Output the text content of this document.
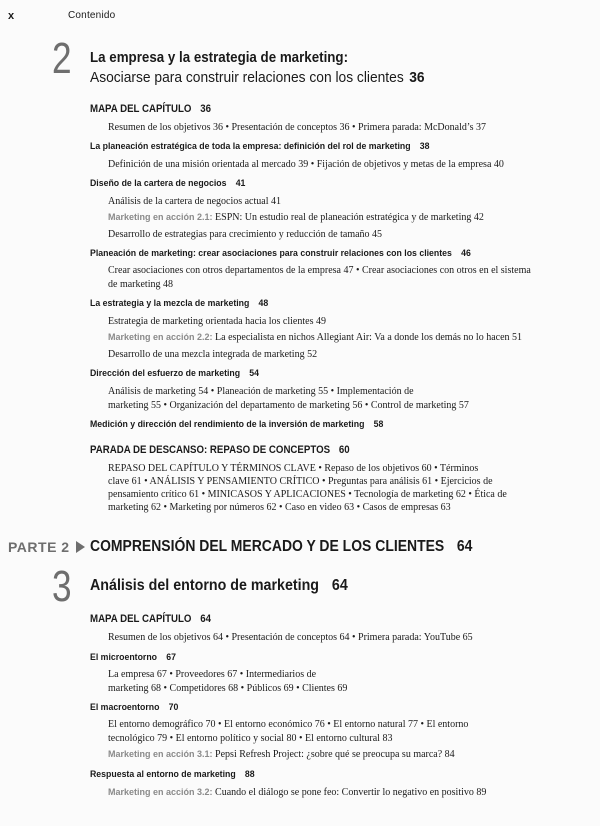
x	Contenido
2 La empresa y la estrategia de marketing:
Asociarse para construir relaciones con los clientes 36
MAPA DEL CAPÍTULO 36
Resumen de los objetivos 36 • Presentación de conceptos 36 • Primera parada: McDonald’s 37
La planeación estratégica de toda la empresa: definición del rol de marketing 38
Definición de una misión orientada al mercado 39 • Fijación de objetivos y metas de la empresa 40
Diseño de la cartera de negocios 41
Análisis de la cartera de negocios actual 41
Marketing en acción 2.1: ESPN: Un estudio real de planeación estratégica y de marketing 42
Desarrollo de estrategias para crecimiento y reducción de tamaño 45
Planeación de marketing: crear asociaciones para construir relaciones con los clientes 46
Crear asociaciones con otros departamentos de la empresa 47 • Crear asociaciones con otros en el sistema
de marketing 48
La estrategia y la mezcla de marketing 48
Estrategia de marketing orientada hacia los clientes 49
Marketing en acción 2.2: La especialista en nichos Allegiant Air: Va a donde los demás no lo hacen 51
Desarrollo de una mezcla integrada de marketing 52
Dirección del esfuerzo de marketing 54
Análisis de marketing 54 • Planeación de marketing 55 • Implementación de
marketing 55 • Organización del departamento de marketing 56 • Control de marketing 57
Medición y dirección del rendimiento de la inversión de marketing 58
PARADA DE DESCANSO: REPASO DE CONCEPTOS 60
REPASO DEL CAPÍTULO Y TÉRMINOS CLAVE • Repaso de los objetivos 60 • Términos
clave 61 • ANÁLISIS Y PENSAMIENTO CRÍTICO • Preguntas para análisis 61 • Ejercicios de
pensamiento crítico 61 • MINICASOS Y APLICACIONES • Tecnología de marketing 62 • Ética de
marketing 62 • Marketing por números 62 • Caso en video 63 • Casos de empresas 63
PARTE 2	COMPRENSIÓN DEL MERCADO Y DE LOS CLIENTES 64
3 Análisis del entorno de marketing 64
MAPA DEL CAPÍTULO 64
Resumen de los objetivos 64 • Presentación de conceptos 64 • Primera parada: YouTube 65
El microentorno 67
La empresa 67 • Proveedores 67 • Intermediarios de
marketing 68 • Competidores 68 • Públicos 69 • Clientes 69
El macroentorno 70
El entorno demográfico 70 • El entorno económico 76 • El entorno natural 77 • El entorno
tecnológico 79 • El entorno político y social 80 • El entorno cultural 83
Marketing en acción 3.1: Pepsi Refresh Project: ¿sobre qué se preocupa su marca? 84
Respuesta al entorno de marketing 88
Marketing en acción 3.2: Cuando el diálogo se pone feo: Convertir lo negativo en positivo 89
